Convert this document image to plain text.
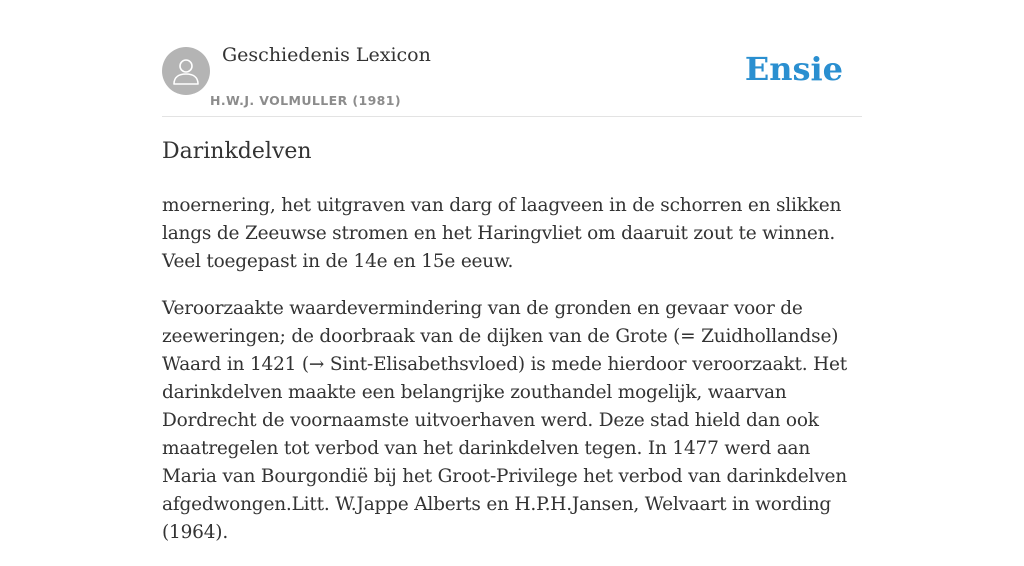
Geschiedenis Lexicon
H.W.J. VOLMULLER (1981)
Ensie
Darinkdelven

moernering, het uitgraven van darg of laagveen in de schorren en slikken langs de Zeeuwse stromen en het Haringvliet om daaruit zout te winnen. Veel toegepast in de 14e en 15e eeuw.

Veroorzaakte waardevermindering van de gronden en gevaar voor de zeeweringen; de doorbraak van de dijken van de Grote (= Zuidhollandse) Waard in 1421 (→ Sint-Elisabethsvloed) is mede hierdoor veroorzaakt. Het darinkdelven maakte een belangrijke zouthandel mogelijk, waarvan Dordrecht de voornaamste uitvoerhaven werd. Deze stad hield dan ook maatregelen tot verbod van het darinkdelven tegen. In 1477 werd aan Maria van Bourgondië bij het Groot-Privilege het verbod van darinkdelven afgedwongen.Litt. W.Jappe Alberts en H.P.H.Jansen, Welvaart in wording (1964).
